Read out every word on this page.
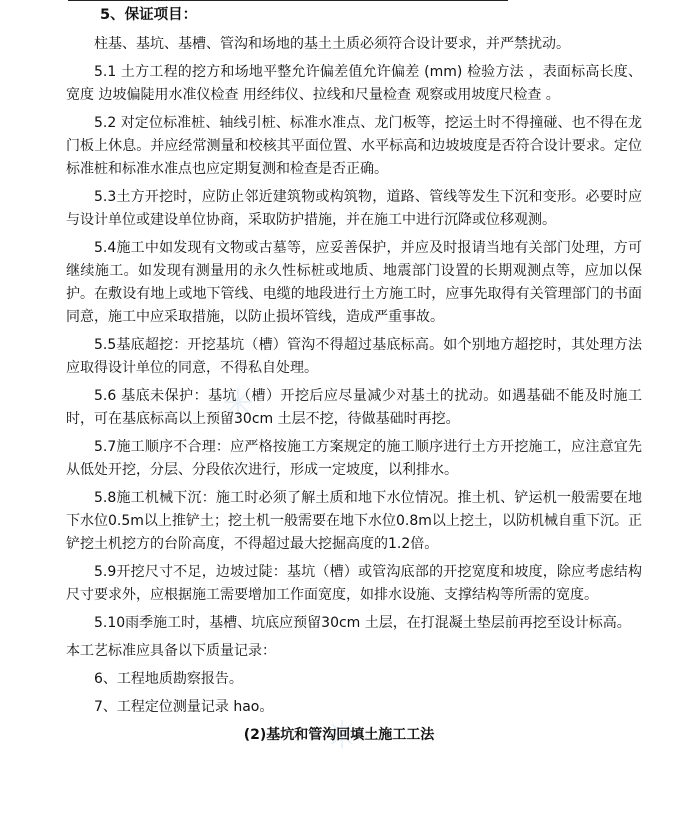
5、保证项目：

柱基、基坑、基槽、管沟和场地的基土土质必须符合设计要求，并严禁扰动。

5.1 土方工程的挖方和场地平整允许偏差值允许偏差 (mm) 检验方法 ，表面标高长度、宽度 边坡偏陡用水准仪检查 用经纬仪、拉线和尺量检查 观察或用坡度尺检查 。

5.2 对定位标准桩、轴线引桩、标准水准点、龙门板等，挖运土时不得撞碰、也不得在龙门板上休息。并应经常测量和校核其平面位置、水平标高和边坡坡度是否符合设计要求。定位标准桩和标准水准点也应定期复测和检查是否正确。

5.3土方开挖时，应防止邻近建筑物或构筑物，道路、管线等发生下沉和变形。必要时应与设计单位或建设单位协商，采取防护措施，并在施工中进行沉降或位移观测。

5.4施工中如发现有文物或古墓等，应妥善保护，并应及时报请当地有关部门处理，方可继续施工。如发现有测量用的永久性标桩或地质、地震部门设置的长期观测点等，应加以保护。在敷设有地上或地下管线、电缆的地段进行土方施工时，应事先取得有关管理部门的书面同意，施工中应采取措施，以防止损坏管线，造成严重事故。

5.5基底超挖：开挖基坑（槽）管沟不得超过基底标高。如个别地方超挖时，其处理方法应取得设计单位的同意，不得私自处理。

5.6 基底未保护：基坑（槽）开挖后应尽量减少对基土的扰动。如遇基础不能及时施工时，可在基底标高以上预留30cm 土层不挖，待做基础时再挖。

5.7施工顺序不合理：应严格按施工方案规定的施工顺序进行土方开挖施工，应注意宜先从低处开挖，分层、分段依次进行，形成一定坡度，以利排水。

5.8施工机械下沉：施工时必须了解土质和地下水位情况。推土机、铲运机一般需要在地下水位0.5m以上推铲土；挖土机一般需要在地下水位0.8m以上挖土，以防机械自重下沉。正铲挖土机挖方的台阶高度，不得超过最大挖掘高度的1.2倍。

5.9开挖尺寸不足，边坡过陡：基坑（槽）或管沟底部的开挖宽度和坡度，除应考虑结构尺寸要求外，应根据施工需要增加工作面宽度，如排水设施、支撑结构等所需的宽度。

5.10雨季施工时，基槽、坑底应预留30cm 土层，在打混凝土垫层前再挖至设计标高。

本工艺标准应具备以下质量记录：

6、工程地质勘察报告。
7、工程定位测量记录 hao。
(2)基坑和管沟回填土施工工法
